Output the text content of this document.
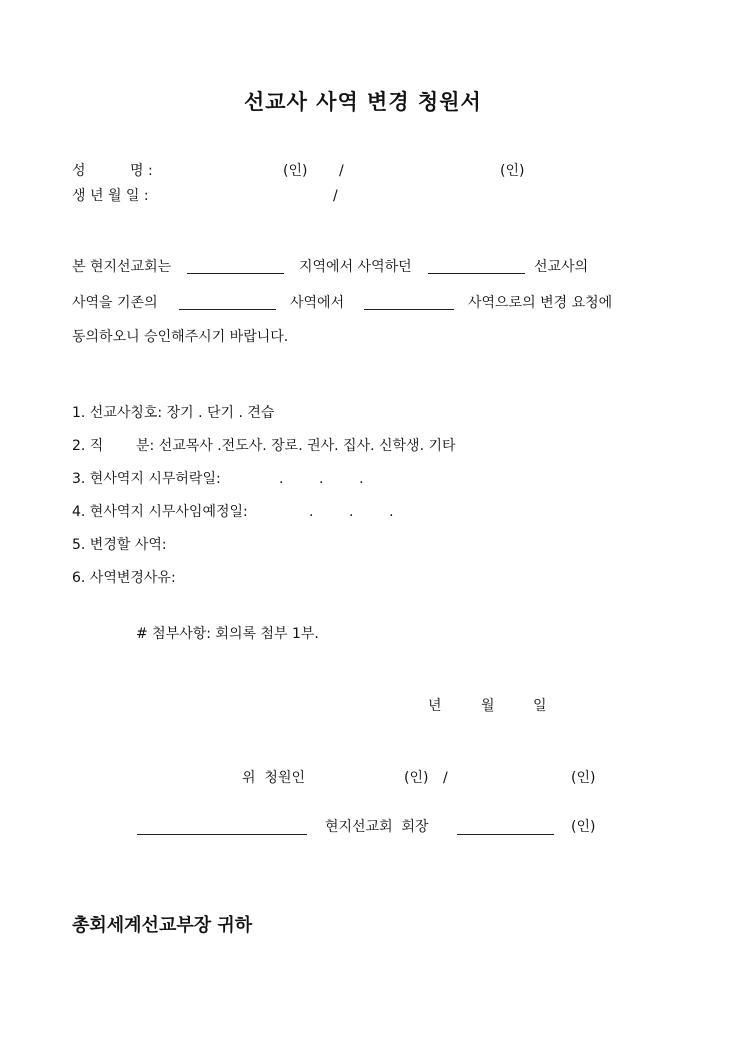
선교사 사역 변경 청원서
성          명 :	(인) /	(인)
생 년 월 일 :	/
본 현지선교회는	지역에서 사역하던	선교사의
사역을 기존의	사역에서	사역으로의 변경 요청에
동의하오니 승인해주시기 바랍니다.
1. 선교사칭호: 장기 . 단기 . 견습
2. 직 분: 선교목사 .전도사. 장로. 권사. 집사. 신학생. 기타
3. 현사역지 시무허락일:	.        .        .
4. 현사역지 시무사임예정일:	.        .        .
5. 변경할 사역:
6. 사역변경사유:
# 첨부사항: 회의록 첨부 1부.
년	월	일
위  청원인	(인) /	(인)
현지선교회  회장	(인)
총회세계선교부장 귀하
